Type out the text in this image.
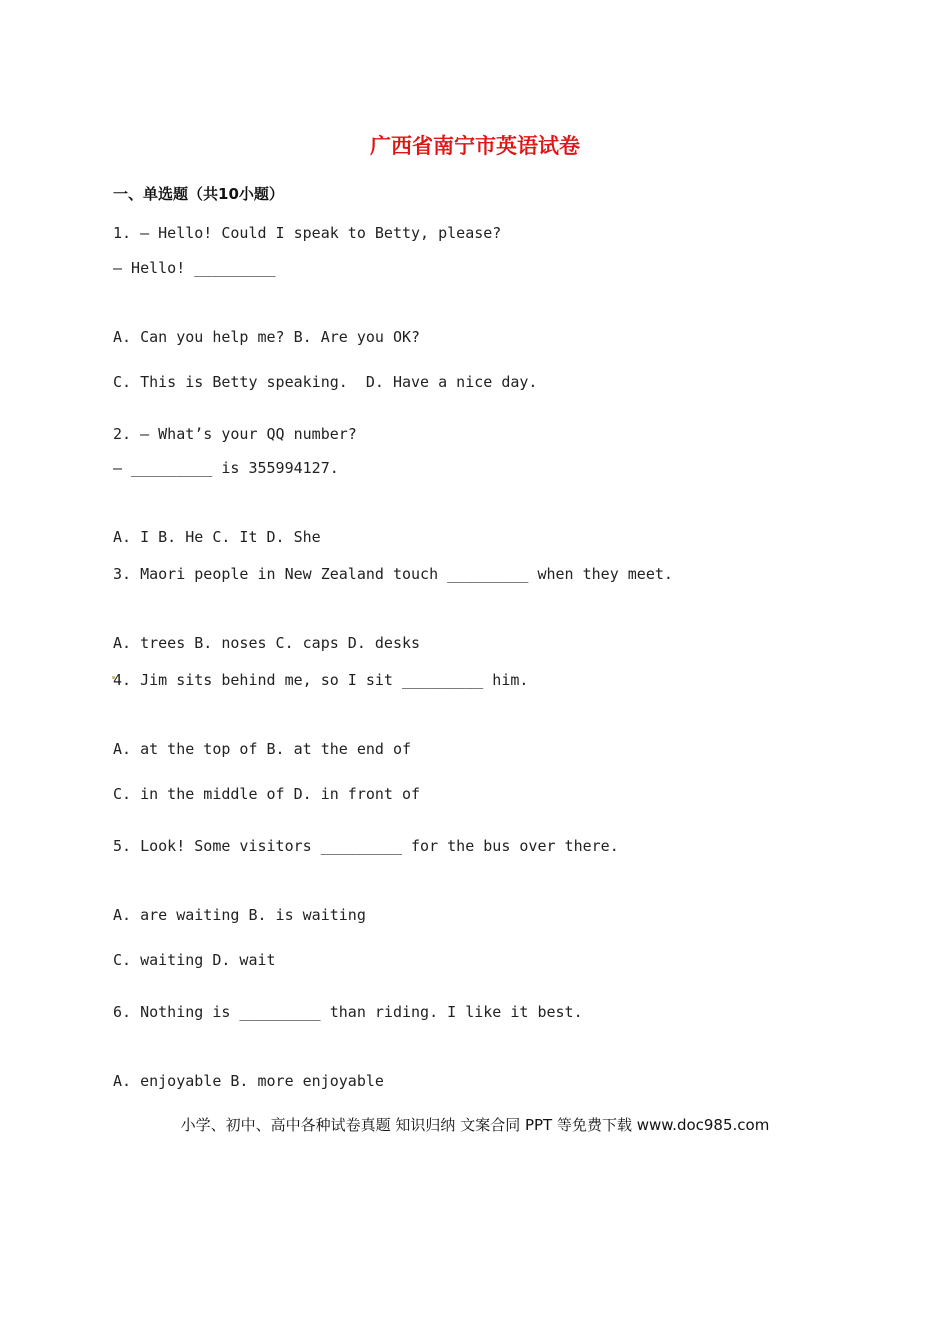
广西省南宁市英语试卷
一、单选题（共10小题）
1. — Hello! Could I speak to Betty, please?
— Hello! _________
A. Can you help me? B. Are you OK?
C. This is Betty speaking.  D. Have a nice day.
2. — What’s your QQ number?
— _________ is 355994127.
A. I B. He C. It D. She
3. Maori people in New Zealand touch _________ when they meet.
A. trees B. noses C. caps D. desks
4. Jim sits behind me, so I sit _________ him.
A. at the top of B. at the end of
C. in the middle of D. in front of
5. Look! Some visitors _________ for the bus over there.
A. are waiting B. is waiting
C. waiting D. wait
6. Nothing is _________ than riding. I like it best.
A. enjoyable B. more enjoyable
小学、初中、高中各种试卷真题 知识归纳 文案合同 PPT 等免费下载 www.doc985.com
